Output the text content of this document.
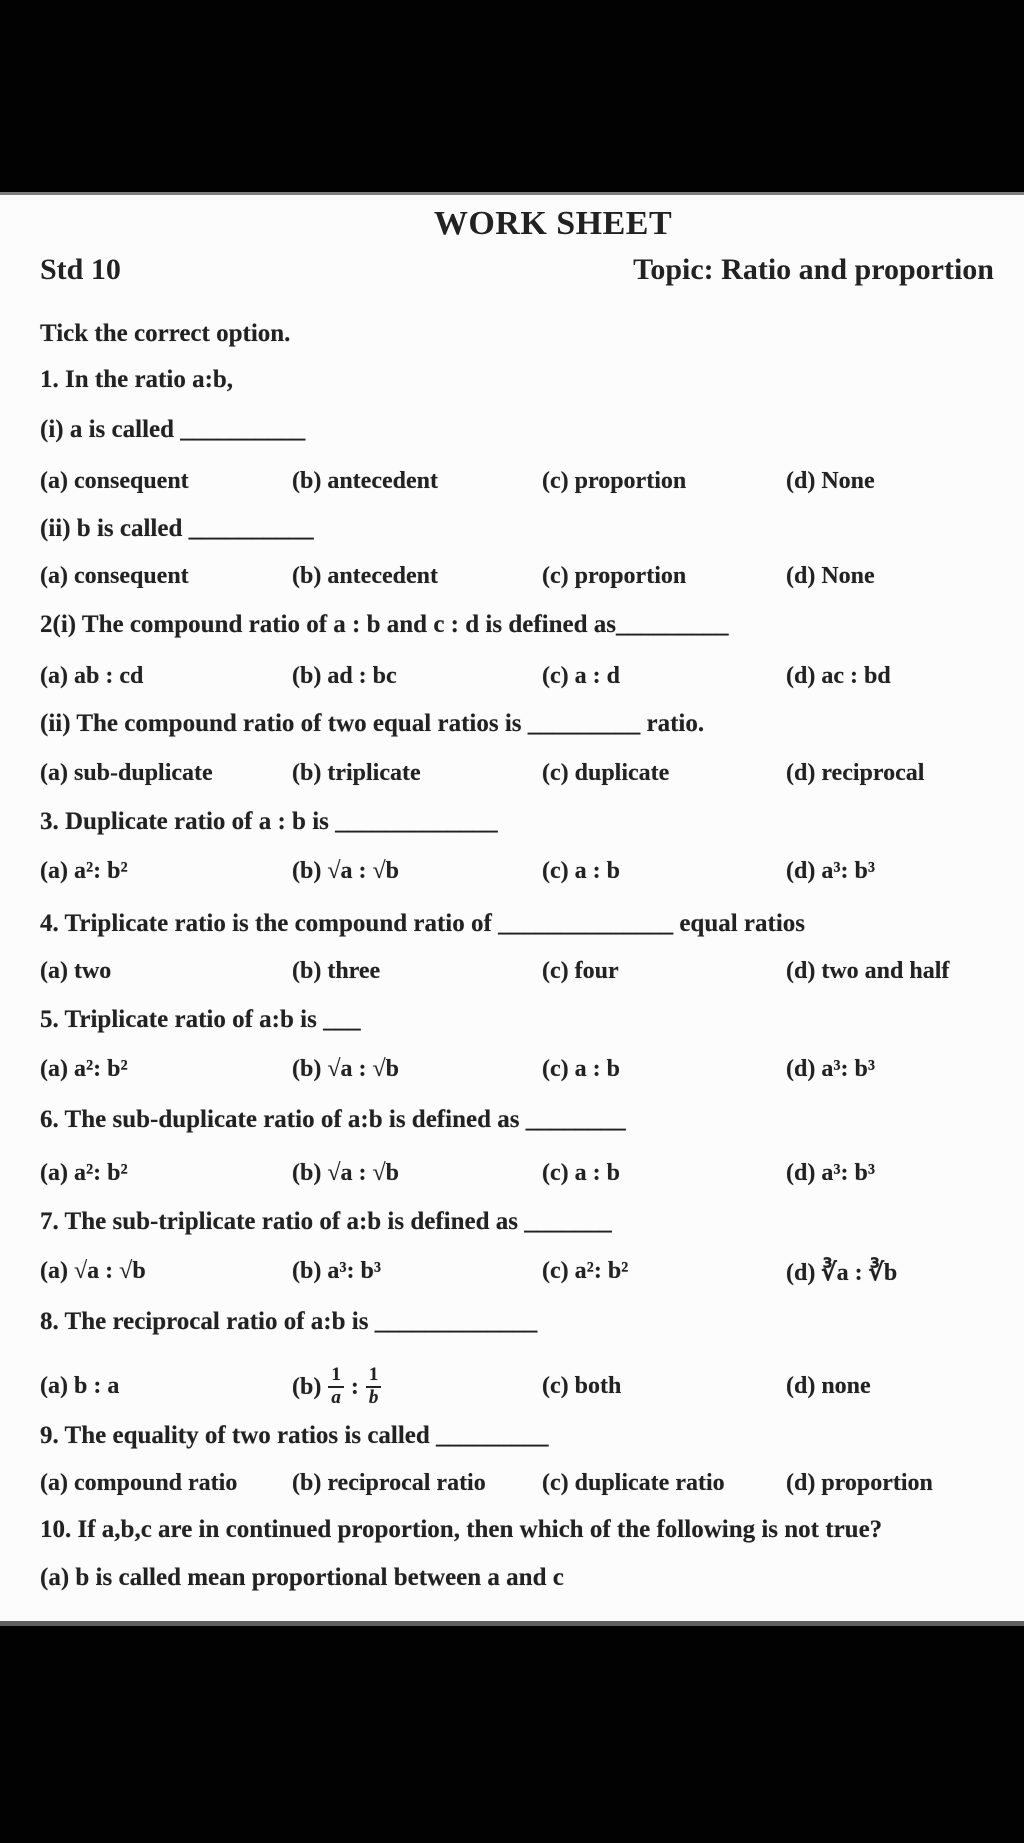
WORK SHEET
Std 10	Topic: Ratio and proportion
Tick the correct option.
1. In the ratio a:b,
(i) a is called __________
(a) consequent	(b) antecedent	(c) proportion	(d) None
(ii) b is called __________
(a) consequent	(b) antecedent	(c) proportion	(d) None
2(i) The compound ratio of a : b and c : d is defined as_________
(a) ab : cd	(b) ad : bc	(c) a : d	(d) ac : bd
(ii) The compound ratio of two equal ratios is _________ ratio.
(a) sub-duplicate	(b) triplicate	(c) duplicate	(d) reciprocal
3. Duplicate ratio of a : b is _____________
(a) a²: b²	(b) √a : √b	(c) a : b	(d) a³: b³
4. Triplicate ratio is the compound ratio of ______________ equal ratios
(a) two	(b) three	(c) four	(d) two and half
5. Triplicate ratio of a:b is ___
(a) a²: b²	(b) √a : √b	(c) a : b	(d) a³: b³
6. The sub-duplicate ratio of a:b is defined as ________
(a) a²: b²	(b) √a : √b	(c) a : b	(d) a³: b³
7. The sub-triplicate ratio of a:b is defined as _______
(a) √a : √b	(b) a³: b³	(c) a²: b²	(d) ∛a : ∛b
8. The reciprocal ratio of a:b is _____________
(a) b : a	$(b) \frac{1}{a}$ : $\frac{1}{b}$	(c) both	(d) none
9. The equality of two ratios is called _________
(a) compound ratio (b) reciprocal ratio (c) duplicate ratio	(d) proportion
10. If a,b,c are in continued proportion, then which of the following is not true?
(a) b is called mean proportional between a and c
